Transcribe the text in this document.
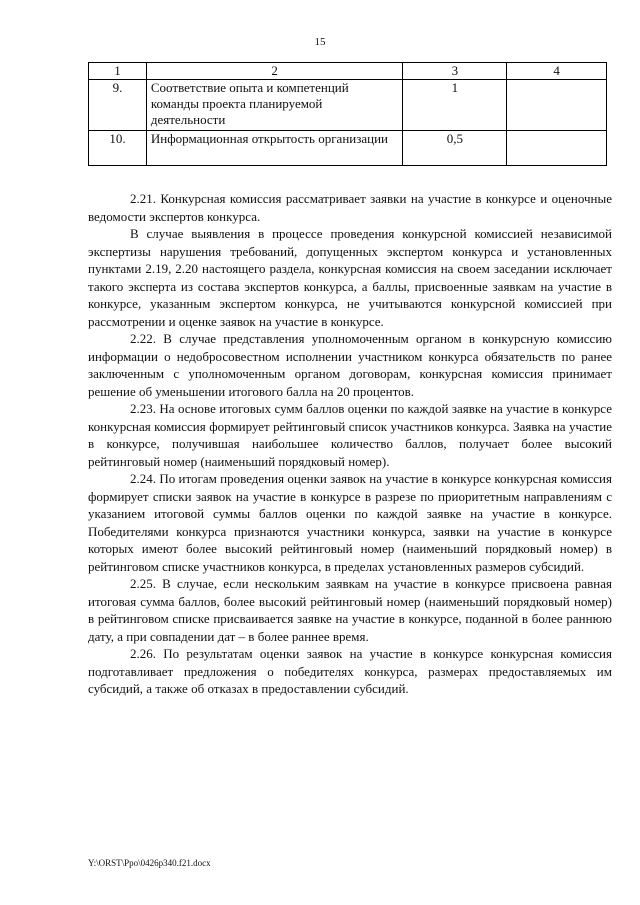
15
1	2	3	4
9.	Соответствие опыта и компетенций команды проекта планируемой деятельности	1	
10.	Информационная открытость организации	0,5	

2.21. Конкурсная комиссия рассматривает заявки на участие в конкурсе и оценочные ведомости экспертов конкурса.

В случае выявления в процессе проведения конкурсной комиссией независимой экспертизы нарушения требований, допущенных экспертом конкурса и установленных пунктами 2.19, 2.20 настоящего раздела, конкурсная комиссия на своем заседании исключает такого эксперта из состава экспертов конкурса, а баллы, присвоенные заявкам на участие в конкурсе, указанным экспертом конкурса, не учитываются конкурсной комиссией при рассмотрении и оценке заявок на участие в конкурсе.

2.22. В случае представления уполномоченным органом в конкурсную комиссию информации о недобросовестном исполнении участником конкурса обязательств по ранее заключенным с уполномоченным органом договорам, конкурсная комиссия принимает решение об уменьшении итогового балла на 20 процентов.

2.23. На основе итоговых сумм баллов оценки по каждой заявке на участие в конкурсе конкурсная комиссия формирует рейтинговый список участников конкурса. Заявка на участие в конкурсе, получившая наибольшее количество баллов, получает более высокий рейтинговый номер (наименьший порядковый номер).

2.24. По итогам проведения оценки заявок на участие в конкурсе конкурсная комиссия формирует списки заявок на участие в конкурсе в разрезе по приоритетным направлениям с указанием итоговой суммы баллов оценки по каждой заявке на участие в конкурсе. Победителями конкурса признаются участники конкурса, заявки на участие в конкурсе которых имеют более высокий рейтинговый номер (наименьший порядковый номер) в рейтинговом списке участников конкурса, в пределах установленных размеров субсидий.

2.25. В случае, если нескольким заявкам на участие в конкурсе присвоена равная итоговая сумма баллов, более высокий рейтинговый номер (наименьший порядковый номер) в рейтинговом списке присваивается заявке на участие в конкурсе, поданной в более раннюю дату, а при совпадении дат – в более раннее время.

2.26. По результатам оценки заявок на участие в конкурсе конкурсная комиссия подготавливает предложения о победителях конкурса, размерах предоставляемых им субсидий, а также об отказах в предоставлении субсидий.

Y:\ORST\Ppo\0426p340.f21.docx
